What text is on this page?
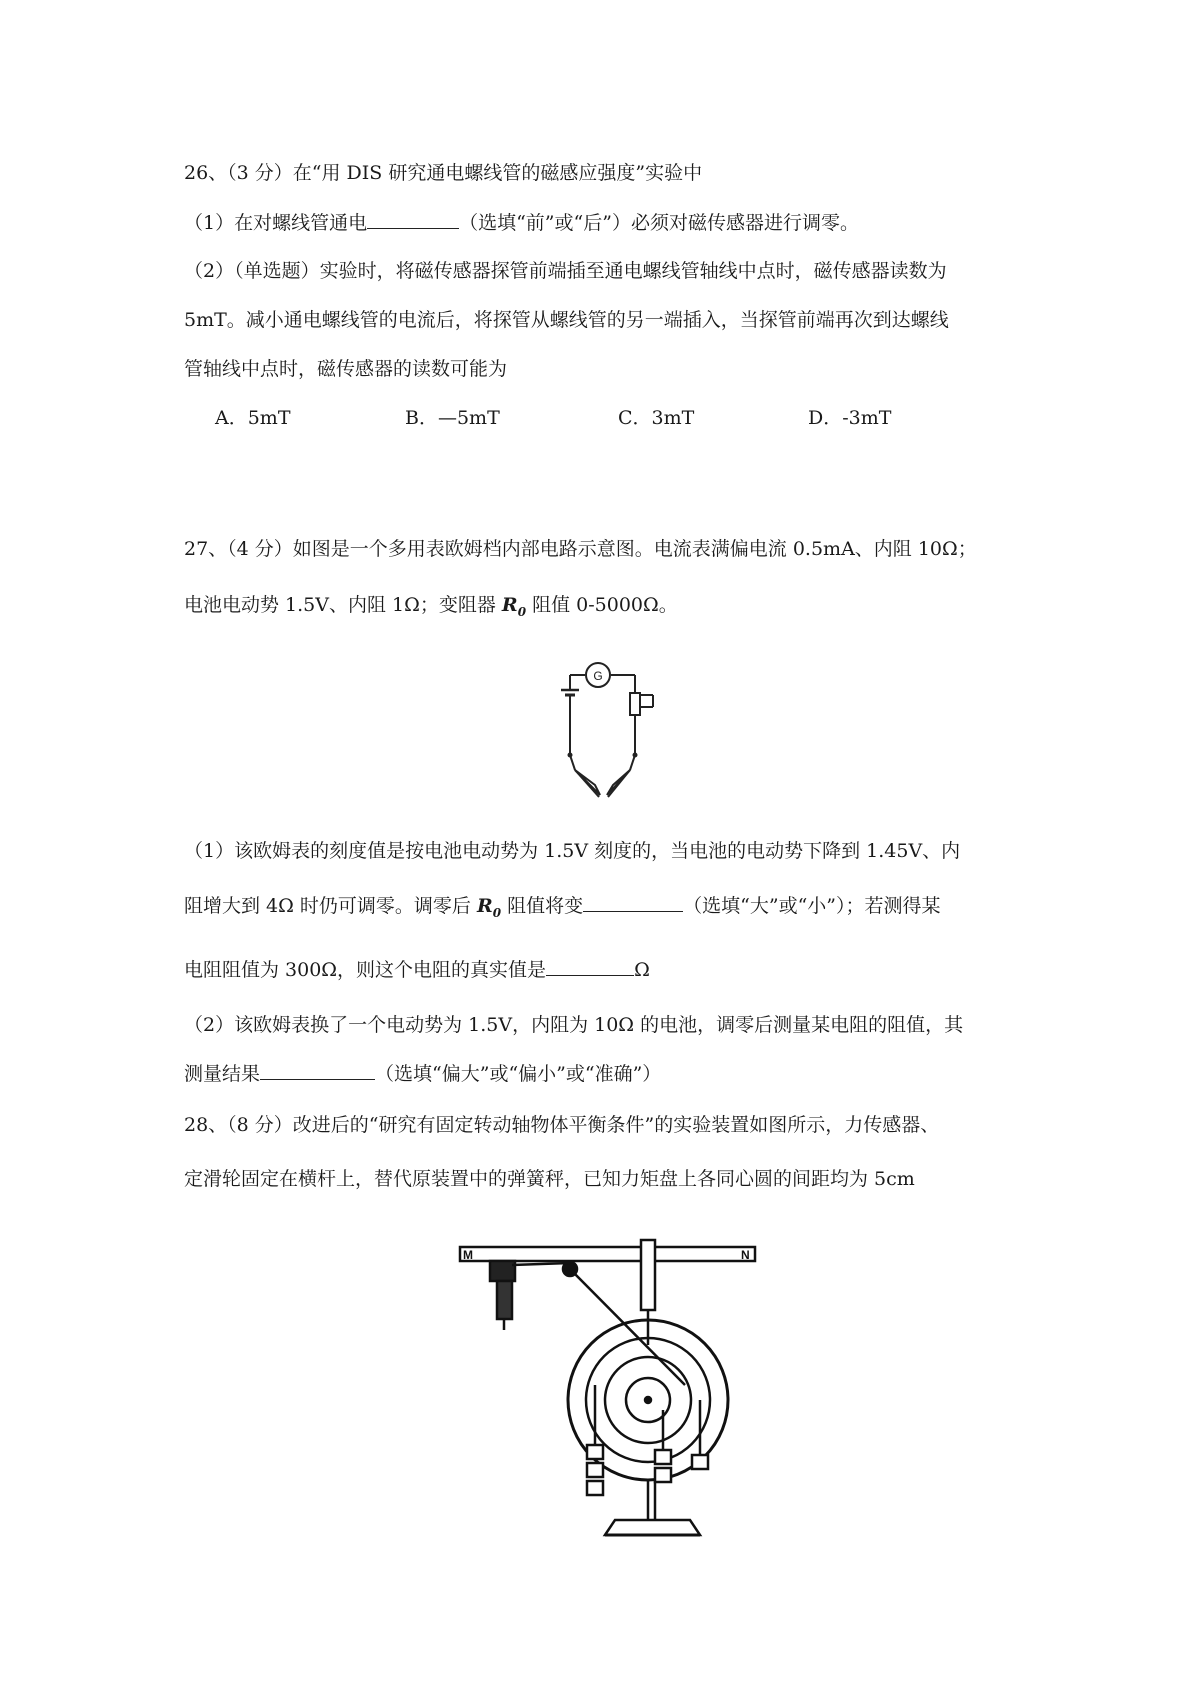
26、（3 分）在“用 DIS 研究通电螺线管的磁感应强度”实验中
（1）在对螺线管通电	（选填“前”或“后”）必须对磁传感器进行调零。
（2）（单选题）实验时，将磁传感器探管前端插至通电螺线管轴线中点时，磁传感器读数为
5mT。减小通电螺线管的电流后，将探管从螺线管的另一端插入，当探管前端再次到达螺线
管轴线中点时，磁传感器的读数可能为
A．5mT	B．—5mT	C．3mT	D．-3mT
27、（4 分）如图是一个多用表欧姆档内部电路示意图。电流表满偏电流 0.5mA、内阻 10Ω；
电池电动势 1.5V、内阻 1Ω；变阻器 $R_0$ 阻值 0-5000Ω。
G
（1）该欧姆表的刻度值是按电池电动势为 1.5V 刻度的，当电池的电动势下降到 1.45V、内
阻增大到 4Ω 时仍可调零。调零后 $R_0$ 阻值将变	（选填“大”或“小”）；若测得某
电阻阻值为 300Ω，则这个电阻的真实值是	Ω
（2）该欧姆表换了一个电动势为 1.5V，内阻为 10Ω 的电池，调零后测量某电阻的阻值，其
测量结果	（选填“偏大”或“偏小”或“准确”）
28、（8 分）改进后的“研究有固定转动轴物体平衡条件”的实验装置如图所示，力传感器、
定滑轮固定在横杆上，替代原装置中的弹簧秤，已知力矩盘上各同心圆的间距均为 5cm
M	N
